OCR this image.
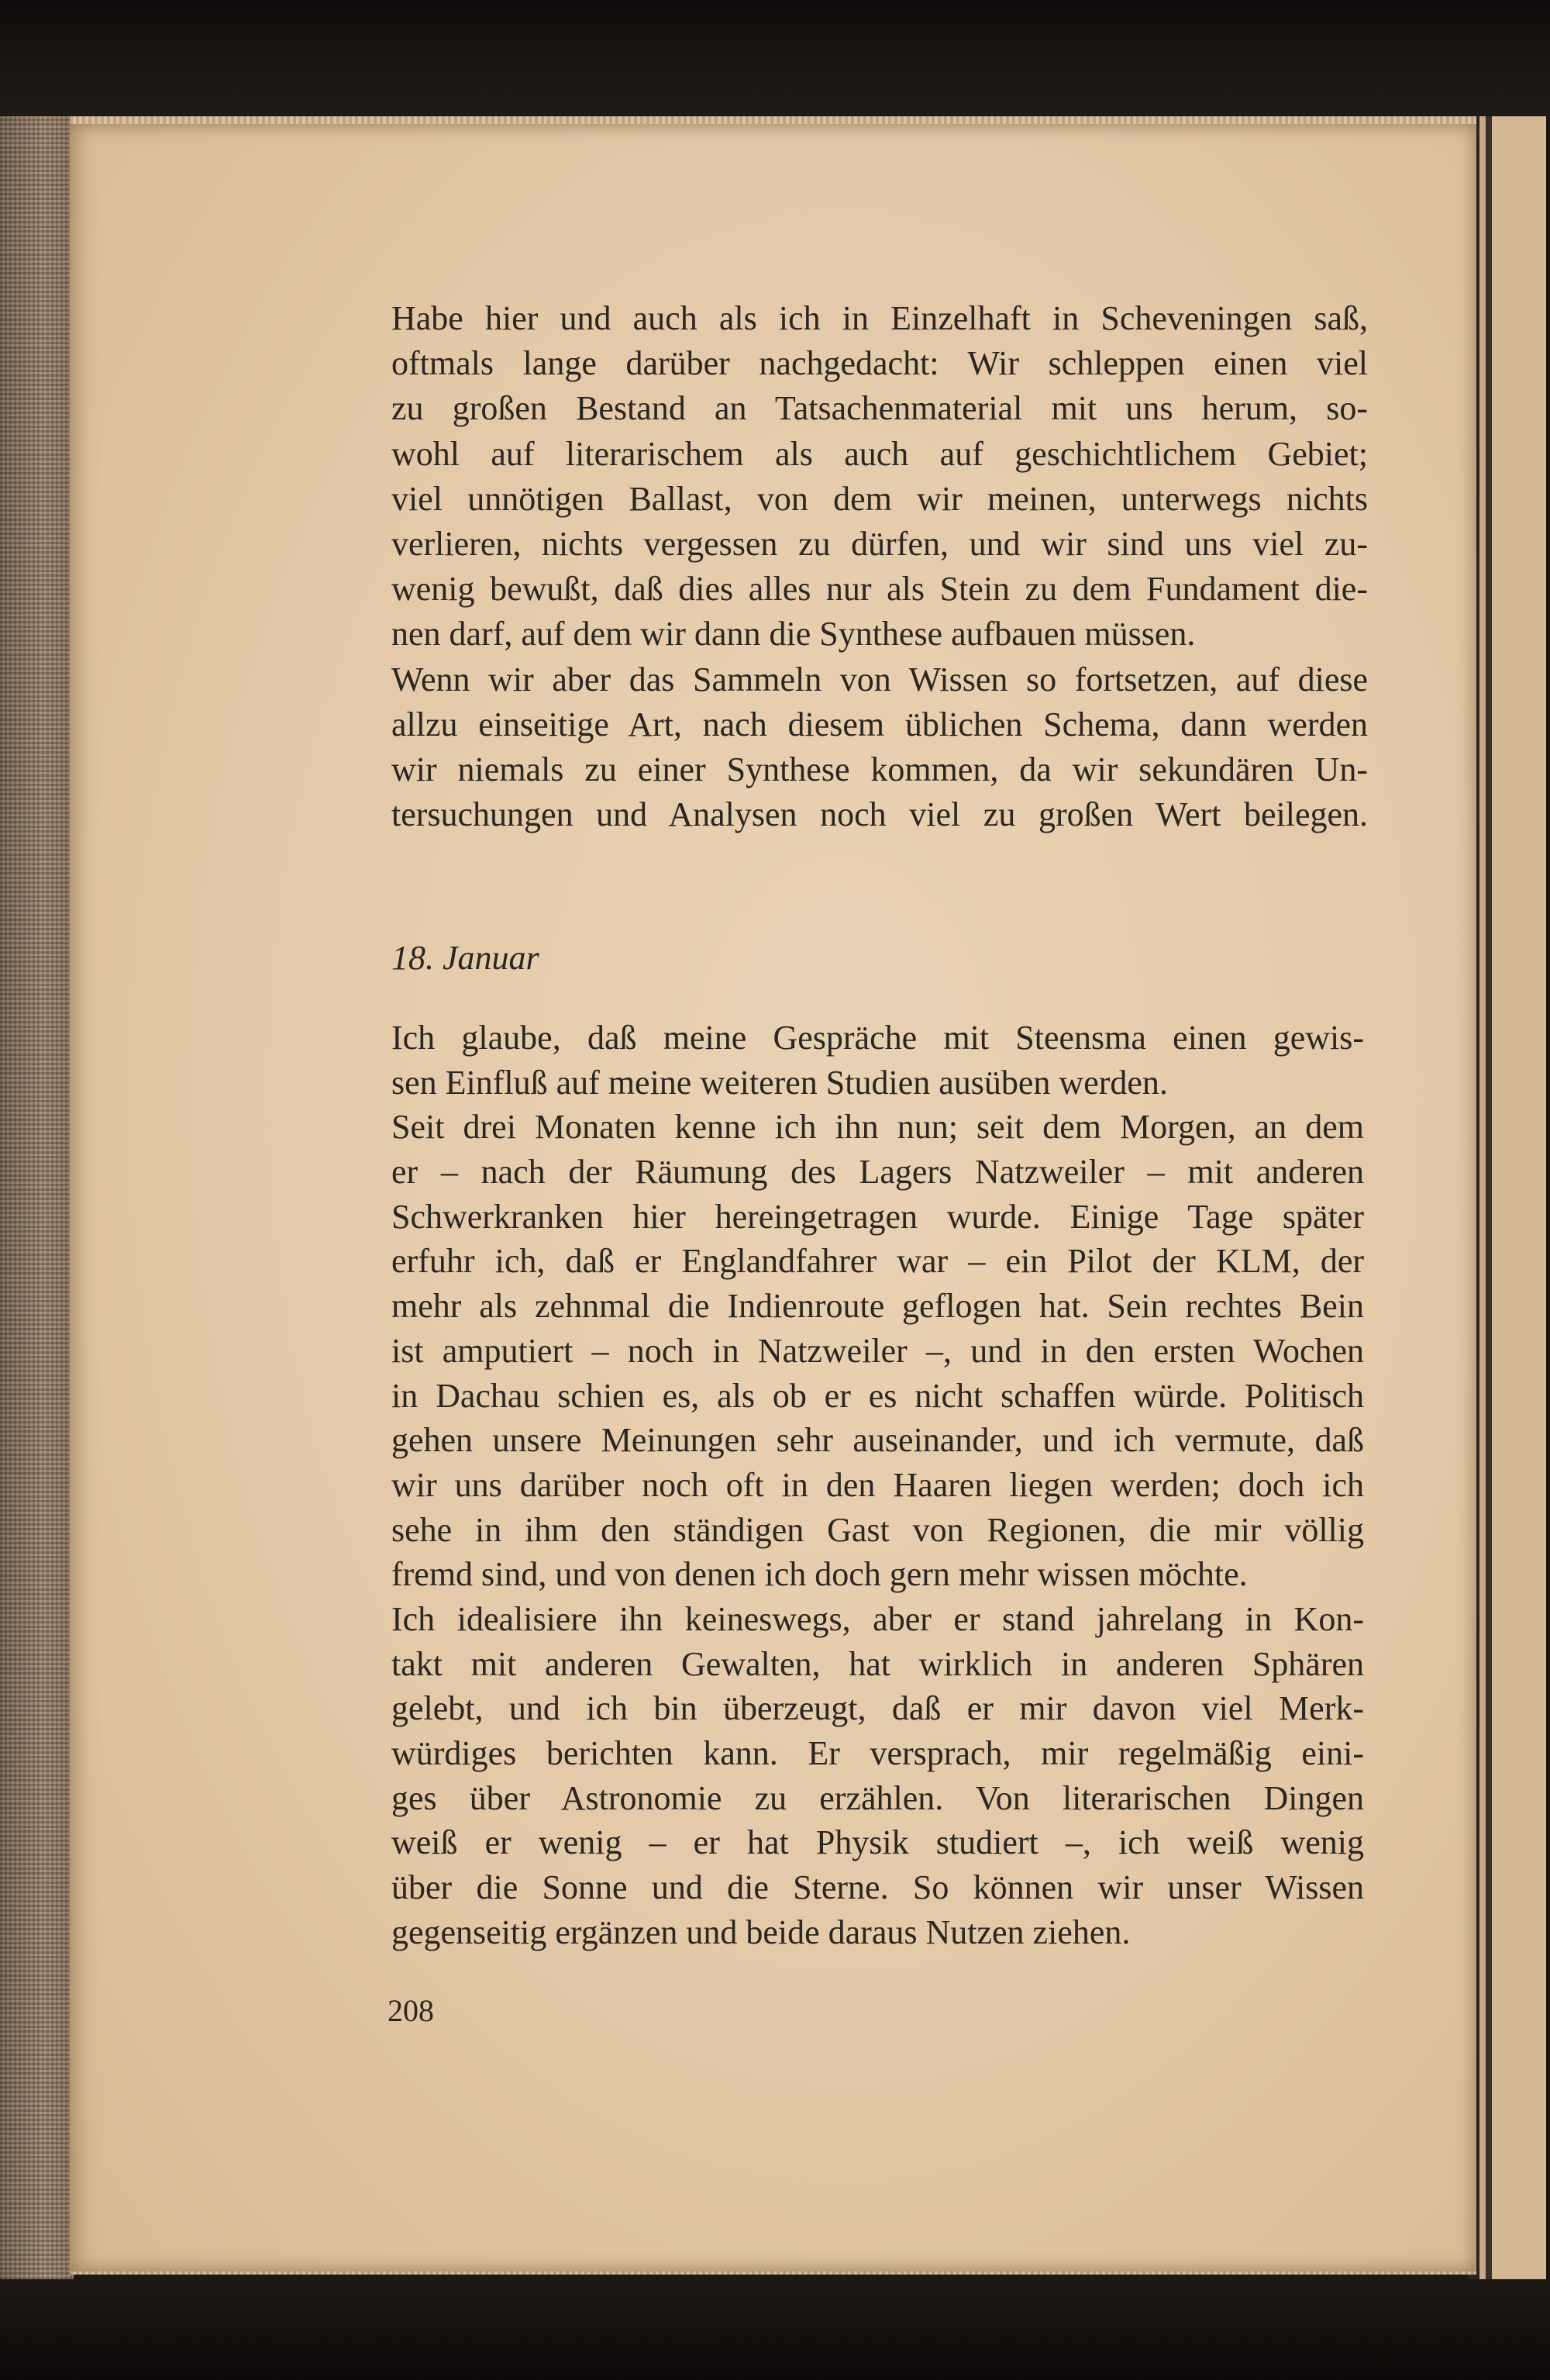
Habe hier und auch als ich in Einzelhaft in Scheveningen saß,
oftmals lange darüber nachgedacht: Wir schleppen einen viel
zu großen Bestand an Tatsachenmaterial mit uns herum, so-
wohl auf literarischem als auch auf geschichtlichem Gebiet;
viel unnötigen Ballast, von dem wir meinen, unterwegs nichts
verlieren, nichts vergessen zu dürfen, und wir sind uns viel zu-
wenig bewußt, daß dies alles nur als Stein zu dem Fundament die-
nen darf, auf dem wir dann die Synthese aufbauen müssen.
Wenn wir aber das Sammeln von Wissen so fortsetzen, auf diese
allzu einseitige Art, nach diesem üblichen Schema, dann werden
wir niemals zu einer Synthese kommen, da wir sekundären Un-
tersuchungen und Analysen noch viel zu großen Wert beilegen.
18. Januar
Ich glaube, daß meine Gespräche mit Steensma einen gewis-
sen Einfluß auf meine weiteren Studien ausüben werden.
Seit drei Monaten kenne ich ihn nun; seit dem Morgen, an dem
er – nach der Räumung des Lagers Natzweiler – mit anderen
Schwerkranken hier hereingetragen wurde. Einige Tage später
erfuhr ich, daß er Englandfahrer war – ein Pilot der KLM, der
mehr als zehnmal die Indienroute geflogen hat. Sein rechtes Bein
ist amputiert – noch in Natzweiler –, und in den ersten Wochen
in Dachau schien es, als ob er es nicht schaffen würde. Politisch
gehen unsere Meinungen sehr auseinander, und ich vermute, daß
wir uns darüber noch oft in den Haaren liegen werden; doch ich
sehe in ihm den ständigen Gast von Regionen, die mir völlig
fremd sind, und von denen ich doch gern mehr wissen möchte.
Ich idealisiere ihn keineswegs, aber er stand jahrelang in Kon-
takt mit anderen Gewalten, hat wirklich in anderen Sphären
gelebt, und ich bin überzeugt, daß er mir davon viel Merk-
würdiges berichten kann. Er versprach, mir regelmäßig eini-
ges über Astronomie zu erzählen. Von literarischen Dingen
weiß er wenig – er hat Physik studiert –, ich weiß wenig
über die Sonne und die Sterne. So können wir unser Wissen
gegenseitig ergänzen und beide daraus Nutzen ziehen.
208
